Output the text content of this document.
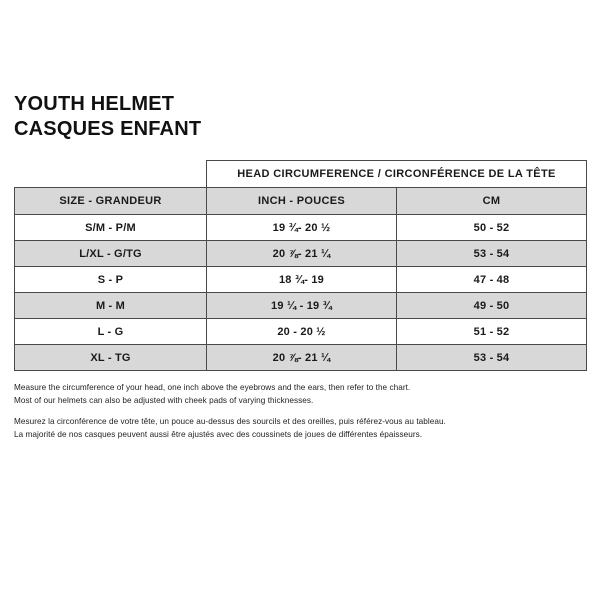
YOUTH HELMET
CASQUES ENFANT
	HEAD CIRCUMFERENCE / CIRCONFÉRENCE DE LA TÊTE	
SIZE - GRANDEUR	INCH - POUCES	CM
S/M - P/M	19 ¾- 20 ½	50 - 52
L/XL - G/TG	20 ⅞- 21 ¼	53 - 54
S - P	18 ¾- 19	47 - 48
M - M	19 ¼ - 19 ¾	49 - 50
L - G	20 - 20 ½	51 - 52
XL - TG	20 ⅞- 21 ¼	53 - 54
Measure the circumference of your head, one inch above the eyebrows and the ears, then refer to the chart.
Most of our helmets can also be adjusted with cheek pads of varying thicknesses.
Mesurez la circonférence de votre tête, un pouce au-dessus des sourcils et des oreilles, puis référez-vous au tableau.
La majorité de nos casques peuvent aussi être ajustés avec des coussinets de joues de différentes épaisseurs.
